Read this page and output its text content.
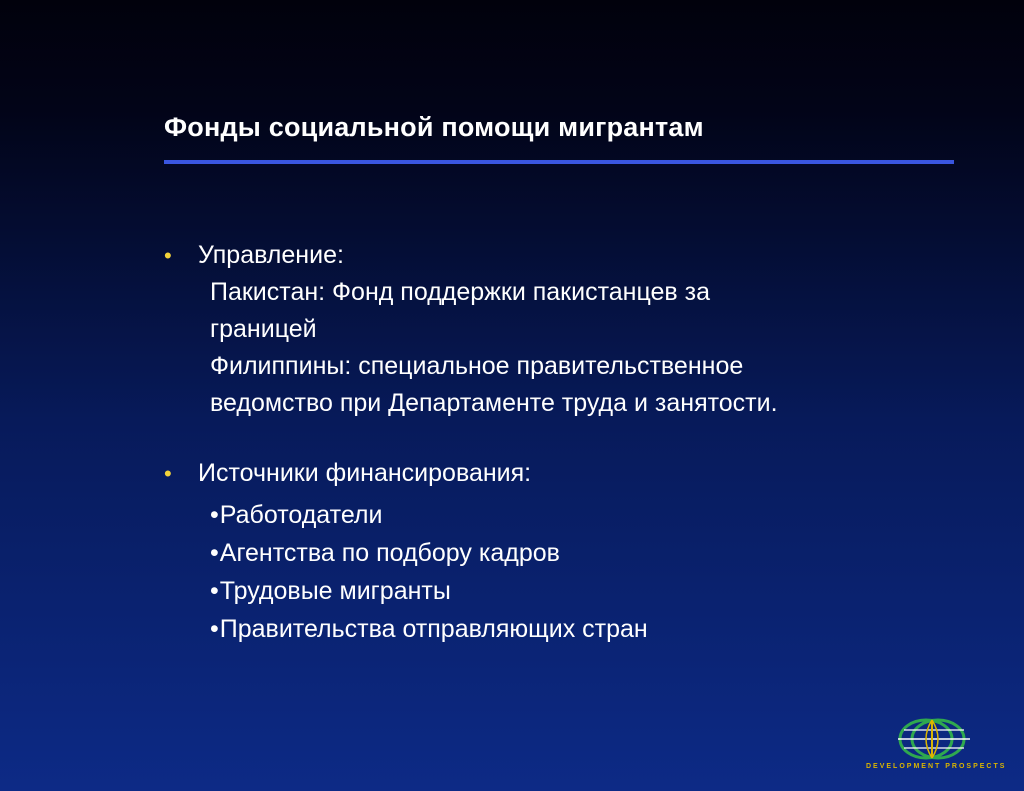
Фонды социальной помощи мигрантам
•	Управление:

Пакистан: Фонд поддержки пакистанцев за

границей

Филиппины: специальное правительственное

ведомство при Департаменте труда и занятости.

•	Источники финансирования:
• Работодатели
• Агентства по подбору кадров
• Трудовые мигранты
• Правительства отправляющих стран
DEVELOPMENT PROSPECTS
